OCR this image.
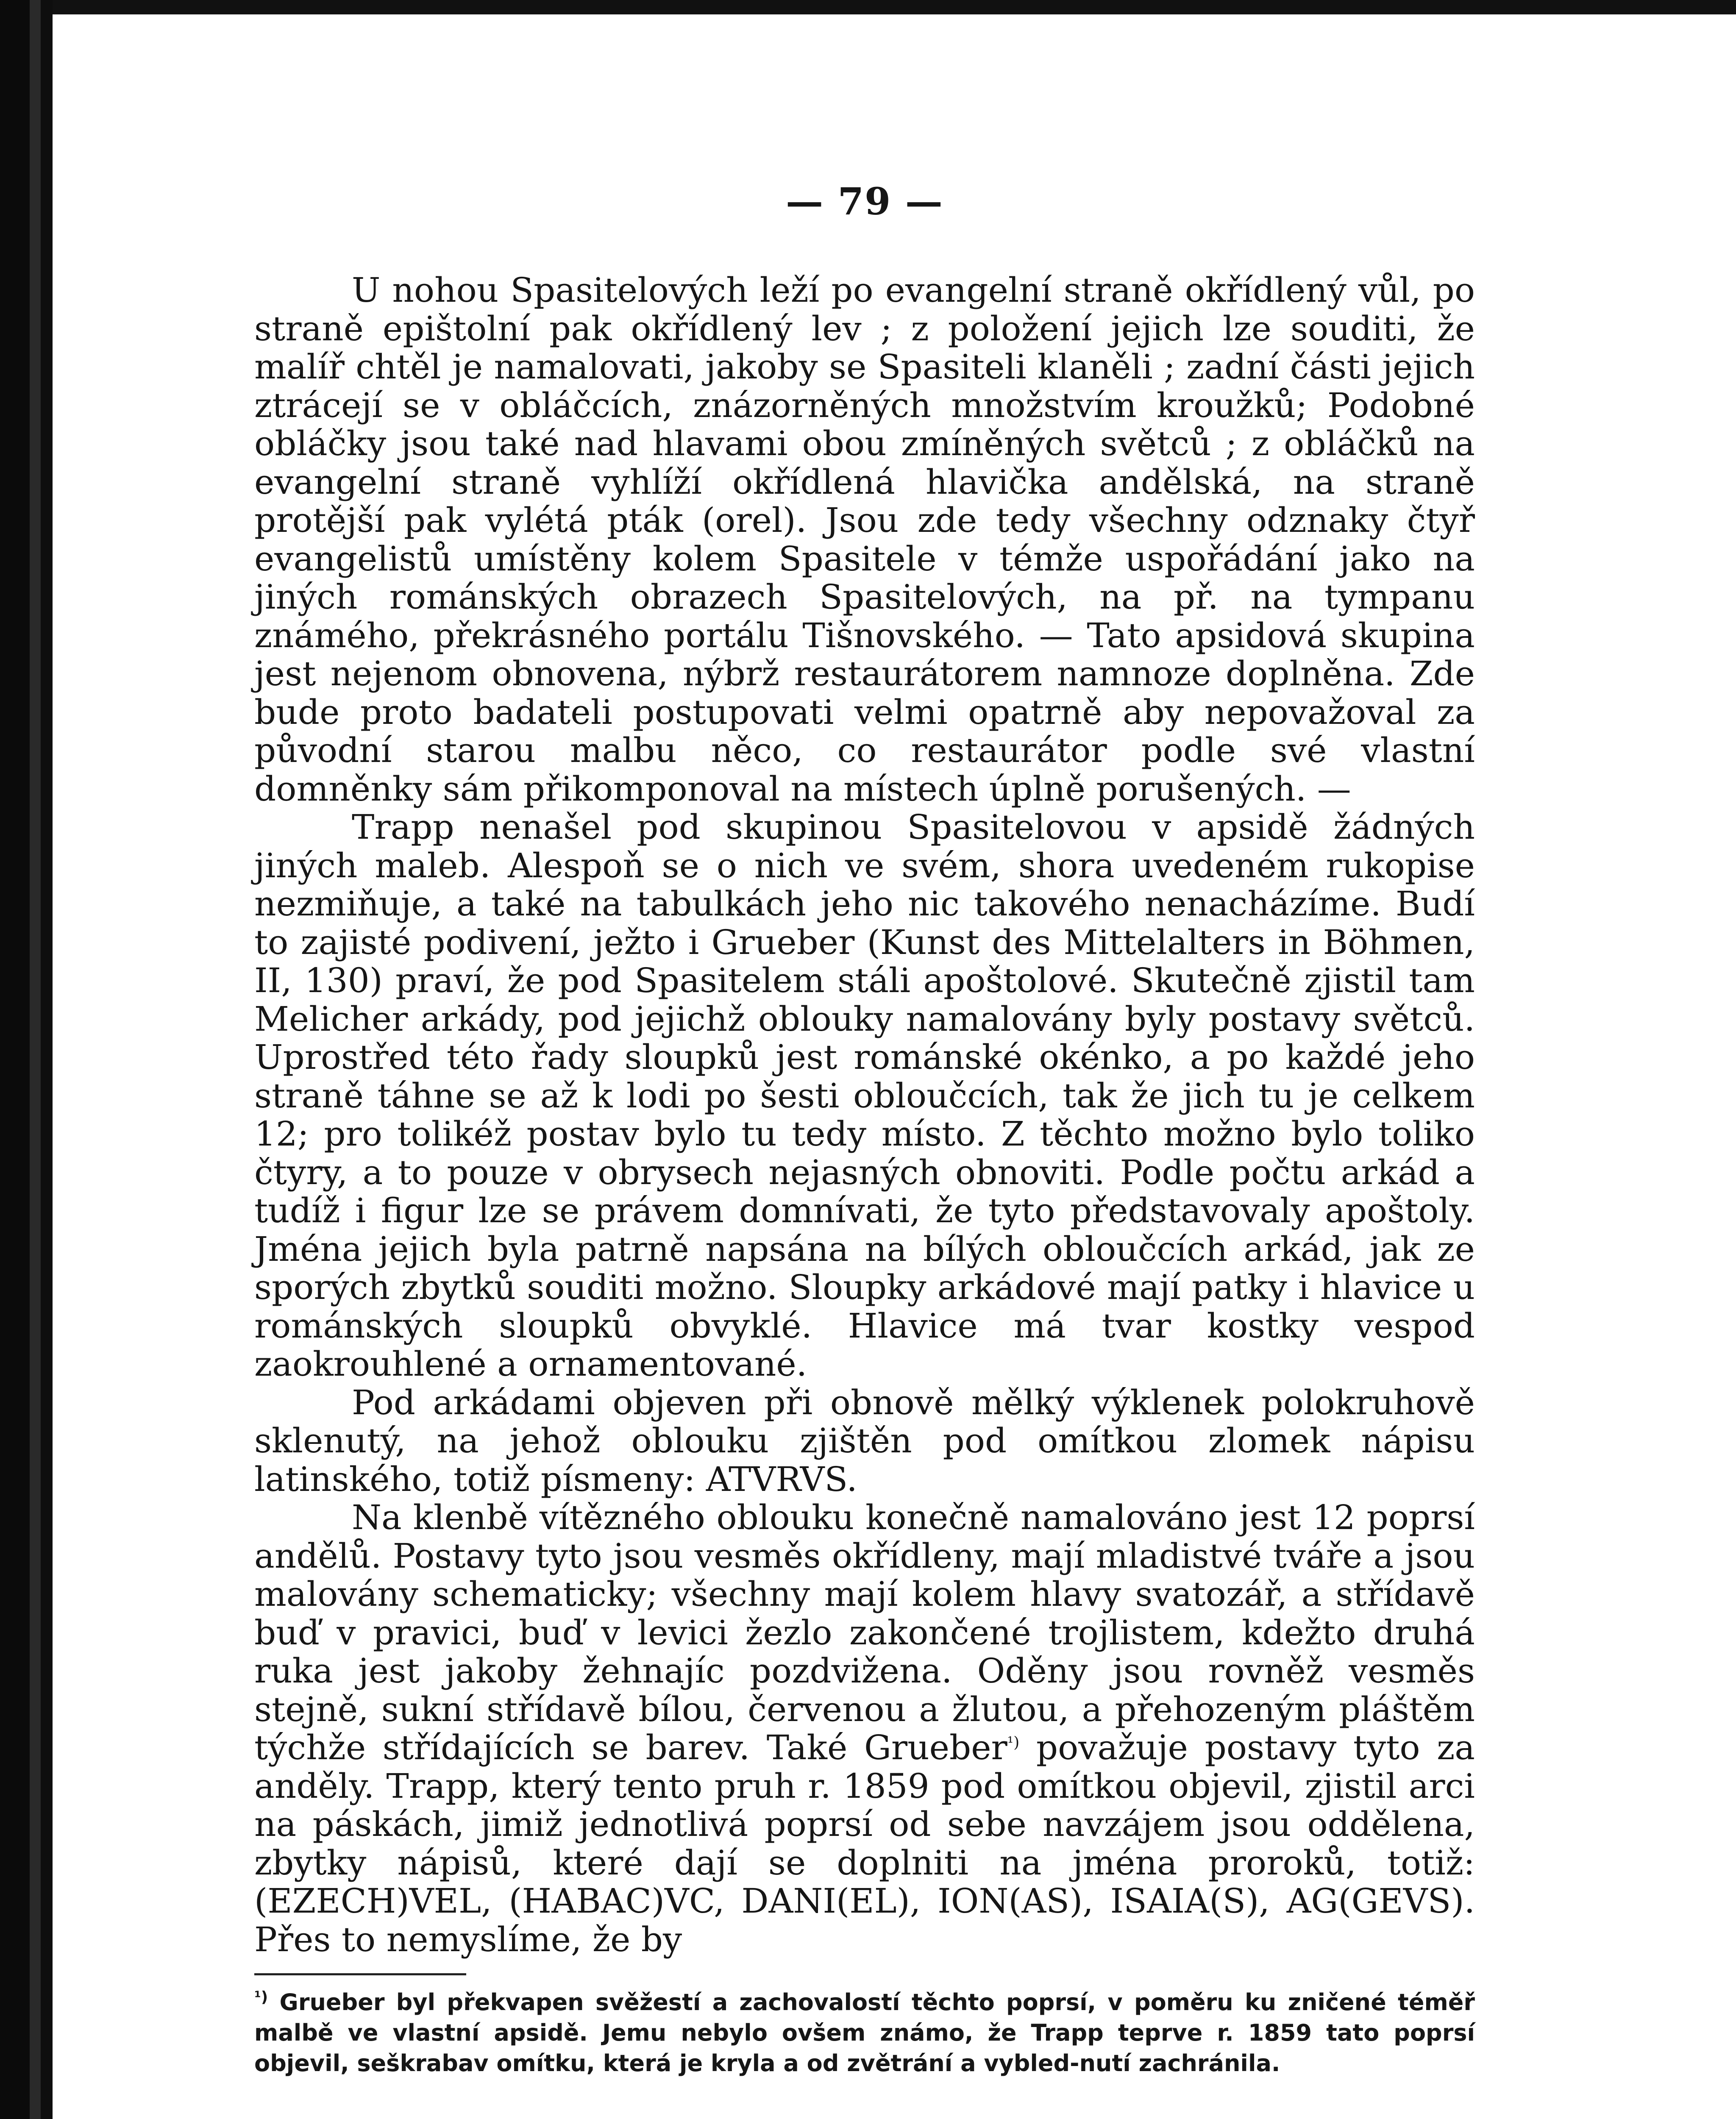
— 79 —

U nohou Spasitelových leží po evangelní straně okřídlený vůl, po straně epištolní pak okřídlený lev ; z položení jejich lze souditi, že malíř chtěl je namalovati, jakoby se Spasiteli klaněli ; zadní části jejich ztrácejí se v obláčcích, znázorněných množstvím kroužků; Podobné obláčky jsou také nad hlavami obou zmíněných světců ; z obláčků na evangelní straně vyhlíží okřídlená hlavička andělská, na straně protější pak vylétá pták (orel). Jsou zde tedy všechny odznaky čtyř evangelistů umístěny kolem Spasitele v témže uspořádání jako na jiných románských obrazech Spasitelových, na př. na tympanu známého, překrásného portálu Tišnovského. — Tato apsidová skupina jest nejenom obnovena, nýbrž restaurátorem namnoze doplněna. Zde bude proto badateli postupovati velmi opatrně aby nepovažoval za původní starou malbu něco, co restaurátor podle své vlastní domněnky sám přikomponoval na místech úplně porušených. —

Trapp nenašel pod skupinou Spasitelovou v apsidě žádných jiných maleb. Alespoň se o nich ve svém, shora uvedeném rukopise nezmiňuje, a také na tabulkách jeho nic takového nenacházíme. Budí to zajisté podivení, ježto i Grueber (Kunst des Mittelalters in Böhmen, II, 130) praví, že pod Spasitelem stáli apoštolové. Skutečně zjistil tam Melicher arkády, pod jejichž oblouky namalovány byly postavy světců. Uprostřed této řady sloupků jest románské okénko, a po každé jeho straně táhne se až k lodi po šesti obloučcích, tak že jich tu je celkem 12; pro tolikéž postav bylo tu tedy místo. Z těchto možno bylo toliko čtyry, a to pouze v obrysech nejasných obnoviti. Podle počtu arkád a tudíž i figur lze se právem domnívati, že tyto představovaly apoštoly. Jména jejich byla patrně napsána na bílých obloučcích arkád, jak ze sporých zbytků souditi možno. Sloupky arkádové mají patky i hlavice u románských sloupků obvyklé. Hlavice má tvar kostky vespod zaokrouhlené a ornamentované.

Pod arkádami objeven při obnově mělký výklenek polokruhově sklenutý, na jehož oblouku zjištěn pod omítkou zlomek nápisu latinského, totiž písmeny: ATVRVS.

Na klenbě vítězného oblouku konečně namalováno jest 12 poprsí andělů. Postavy tyto jsou vesměs okřídleny, mají mladistvé tváře a jsou malovány schematicky; všechny mají kolem hlavy svatozář, a střídavě buď v pravici, buď v levici žezlo zakončené trojlistem, kdežto druhá ruka jest jakoby žehnajíc pozdvižena. Oděny jsou rovněž vesměs stejně, sukní střídavě bílou, červenou a žlutou, a přehozeným pláštěm týchže střídajících se barev. Také Grueber$^{^1)}$ považuje postavy tyto za anděly. Trapp, který tento pruh r. 1859 pod omítkou objevil, zjistil arci na páskách, jimiž jednotlivá poprsí od sebe navzájem jsou oddělena, zbytky nápisů, které dají se doplniti na jména proroků, totiž: (EZECH)VEL, (HABAC)VC, DANI(EL), ION(AS), ISAIA(S), AG(GEVS). Přes to nemyslíme, že by

$^{^1)}$ Grueber byl překvapen svěžestí a zachovalostí těchto poprsí, v poměru ku zničené téměř malbě ve vlastní apsidě. Jemu nebylo ovšem známo, že Trapp teprve r. 1859 tato poprsí objevil, seškrabav omítku, která je kryla a od zvětrání a vybled-nutí zachránila.
